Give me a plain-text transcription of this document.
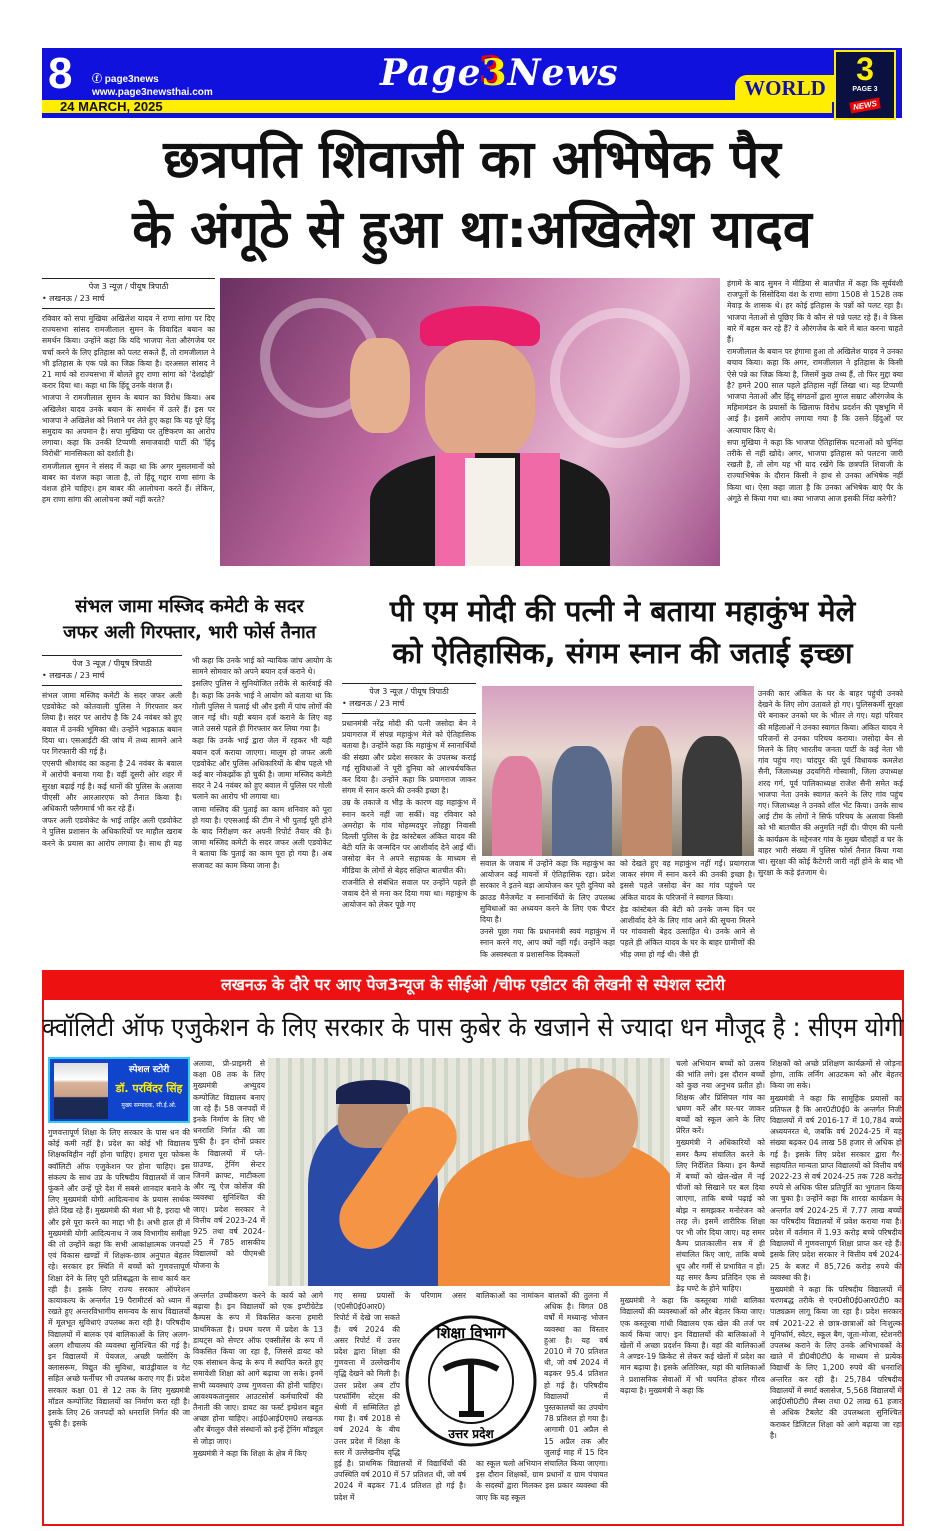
8 ⓕ page3news
www.page3newsthai.com
24 MARCH, 2025
Page3News	WORLD
3
PAGE 3
NEWS
छत्रपति शिवाजी का अभिषेक पैर
के अंगूठे से हुआ था:अखिलेश यादव
पेज 3 न्यूज़ / पीयूष त्रिपाठी
• लखनऊ / 23 मार्च

रविवार को सपा मुखिया अखिलेश यादव ने राणा सांगा पर दिए राज्यसभा सांसद रामजीलाल सुमन के विवादित बयान का समर्थन किया। उन्होंने कहा कि यदि भाजपा नेता औरंगजेब पर चर्चा करने के लिए इतिहास को पलट सकते हैं, तो रामजीलाल ने भी इतिहास के एक पन्ने का जिक्र किया है। दरअसल सांसद ने 21 मार्च को राज्यसभा में बोलते हुए राणा सांगा को 'देशद्रोही' करार दिया था। कहा था कि हिंदू उनके वंशज हैं।

भाजपा ने रामजीलाल सुमन के बयान का विरोध किया। अब अखिलेश यादव उनके बयान के समर्थन में उतरे हैं। इस पर भाजपा ने अखिलेश को निशाने पर लेते हुए कहा कि यह पूरे हिंदू समुदाय का अपमान है। सपा मुखिया पर तुष्टिकरण का आरोप लगाया। कहा कि उनकी टिप्पणी समाजवादी पार्टी की 'हिंदू विरोधी' मानसिकता को दर्शाती है।

रामजीलाल सुमन ने संसद में कहा था कि अगर मुसलमानों को बाबर का वंशज कहा जाता है, तो हिंदू गद्दार राणा सांगा के वंशज होने चाहिए। हम बाबर की आलोचना करते हैं। लेकिन, हम राणा सांगा की आलोचना क्यों नहीं करते?

हंगामे के बाद सुमन ने मीडिया से बातचीत में कहा कि सूर्यवंशी राजपूतों के सिसोदिया वंश के राणा सांगा 1508 से 1528 तक मेवाड़ के शासक थे। हर कोई इतिहास के पन्नों को पलट रहा है। भाजपा नेताओं से पूछिए कि वे कौन से पन्ने पलट रहे हैं। वे किस बारे में बहस कर रहे हैं? वे औरंगजेब के बारे में बात करना चाहते हैं।

रामजीलाल के बयान पर हंगामा हुआ तो अखिलेश यादव ने उनका बचाव किया। कहा कि अगर, रामजीलाल ने इतिहास के किसी ऐसे पन्ने का जिक्र किया है, जिसमें कुछ तथ्य हैं, तो फिर मुद्दा क्या है? हमने 200 साल पहले इतिहास नहीं लिखा था। यह टिप्पणी भाजपा नेताओं और हिंदू संगठनों द्वारा मुगल सम्राट औरंगजेब के महिमामंडन के प्रयासों के खिलाफ विरोध प्रदर्शन की पृष्ठभूमि में आई है। इसमें आरोप लगाया गया है कि उसने हिंदुओं पर अत्याचार किए थे।

सपा मुखिया ने कहा कि भाजपा ऐतिहासिक घटनाओं को चुनिंदा तरीके से नहीं खोदे। अगर, भाजपा इतिहास को पलटना जारी रखती है, तो लोग यह भी याद रखेंगे कि छत्रपति शिवाजी के राज्याभिषेक के दौरान किसी ने हाथ से उनका अभिषेक नहीं किया था। ऐसा कहा जाता है कि उनका अभिषेक बाएं पैर के अंगूठे से किया गया था। क्या भाजपा आज इसकी निंदा करेगी?

संभल जामा मस्जिद कमेटी के सदर
जफर अली गिरफ्तार, भारी फोर्स तैनात
पेज 3 न्यूज़ / पीयूष त्रिपाठी
• लखनऊ / 23 मार्च

संभल जामा मस्जिद कमेटी के सदर जफर अली एडवोकेट को कोतवाली पुलिस ने गिरफ्तार कर लिया है। सदर पर आरोप है कि 24 नवंबर को हुए बवाल में उनकी भूमिका थी। उन्होंने भड़काऊ बयान दिया था। एसआईटी की जांच में तथ्य सामने आने पर गिरफ्तारी की गई है।

एएसपी श्रीशचंद का कहना है 24 नवंबर के बवाल में आरोपी बनाया गया है। वहीं दूसरी ओर शहर में सुरक्षा बढ़ाई गई है। कई थानों की पुलिस के अलावा पीएसी और आरआरएफ को तैनात किया है। अधिकारी फ्लैगमार्च भी कर रहे हैं।

जफर अली एडवोकेट के भाई ताहिर अली एडवोकेट ने पुलिस प्रशासन के अधिकारियों पर माहौल खराब करने के प्रयास का आरोप लगाया है। साथ ही यह भी कहा कि उनके भाई को न्यायिक जांच आयोग के सामने सोमवार को अपने बयान दर्ज कराने थे।

इसलिए पुलिस ने सुनियोजित तरीके से कार्रवाई की है। कहा कि उनके भाई ने आयोग को बताया था कि गोली पुलिस ने चलाई थी और इसी में पांच लोगों की जान गई थी। यही बयान दर्ज कराने के लिए वह जाते उससे पहले ही गिरफ्तार कर लिया गया है।

कहा कि उनके भाई द्वारा जेल में रहकर भी यही बयान दर्ज कराया जाएगा। मालूम हो जफर अली एडवोकेट और पुलिस अधिकारियों के बीच पहले भी कई बार नोकझोंक हो चुकी है। जामा मस्जिद कमेटी सदर ने 24 नवंबर को हुए बवाल में पुलिस पर गोली चलाने का आरोप भी लगाया था।

जामा मस्जिद की पुताई का काम शनिवार को पूरा हो गया है। एएसआई की टीम ने भी पुताई पूरी होने के बाद निरीक्षण कर अपनी रिपोर्ट तैयार की है। जामा मस्जिद कमेटी के सदर जफर अली एडवोकेट ने बताया कि पुताई का काम पूरा हो गया है। अब सजावट का काम किया जाना है।

पी एम मोदी की पत्नी ने बताया महाकुंभ मेले
को ऐतिहासिक, संगम स्नान की जताई इच्छा
पेज 3 न्यूज़ / पीयूष त्रिपाठी
• लखनऊ / 23 मार्च

प्रधानमंत्री नरेंद्र मोदी की पत्नी जसोदा बेन ने प्रयागराज में संपन्न महाकुंभ मेले को ऐतिहासिक बताया है। उन्होंने कहा कि महाकुंभ में स्नानार्थियों की संख्या और प्रदेश सरकार के उपलब्ध कराई गई सुविधाओं ने पूरी दुनिया को आश्चर्यचकित कर दिया है। उन्होंने कहा कि प्रयागराज जाकर संगम में स्नान करने की उनकी इच्छा है।

उम्र के तकाजे व भीड़ के कारण वह महाकुंभ में स्नान करने नहीं जा सकीं। वह रविवार को अमरोहा के गांव मोहम्मदपुर लोहड्डा निवासी दिल्ली पुलिस के हेड कांस्टेबल अंकित यादव की बेटी यति के जन्मदिन पर आशीर्वाद देने आई थीं। जसोदा बेन ने अपने सहायक के माध्यम से मीडिया के लोगों से बेहद संक्षिप्त बातचीत की।

राजनीति से संबंधित सवाल पर उन्होंने पहले ही जवाब देने से मना कर दिया गया था। महाकुंभ के आयोजन को लेकर पूछे गए

सवाल के जवाब में उन्होंने कहा कि महाकुंभ का आयोजन कई मायनों में ऐतिहासिक रहा। प्रदेश सरकार ने इतने बड़ा आयोजन कर पूरी दुनिया को क्राउड मैनेजमेंट व स्नानार्थियों के लिए उपलब्ध सुविधाओं का अध्ययन करने के लिए एक चैप्टर दिया है।

उनसे पूछा गया कि प्रधानमंत्री स्वयं महाकुंभ में स्नान करने गए, आप क्यों नहीं गईं। उन्होंने कहा कि अस्वस्थता व प्रशासनिक दिक्कतों

को देखते हुए वह महाकुंभ नहीं गईं। प्रयागराज जाकर संगम में स्नान करने की उनकी इच्छा है। इससे पहले जसोदा बेन का गांव पहुंचने पर अंकित यादव के परिजनों ने स्वागत किया।

हेड कांस्टेबल की बेटी को उनके जन्म दिन पर आशीर्वाद देने के लिए गांव आने की सूचना मिलने पर गांववासी बेहद उत्साहित थे। उनके आने से पहले ही अंकित यादव के घर के बाहर ग्रामीणों की भीड़ जमा हो गई थी। जैसे ही

उनकी कार अंकित के घर के बाहर पहुंची उनको देखने के लिए लोग उतावले हो गए। पुलिसकर्मी सुरक्षा घेरे बनाकर उनको घर के भीतर ले गए। यहां परिवार की महिलाओं ने उनका स्वागत किया। अंकित यादव ने परिजनों से उनका परिचय कराया। जसोदा बेन से मिलने के लिए भारतीय जनता पार्टी के कई नेता भी गांव पहुंच गए। चांदपुर की पूर्व विधायक कमलेश सैनी, जिलाध्यक्ष उदयगिरी गोस्वामी, जिला उपाध्यक्ष शरद गर्ग, पूर्व पालिकाध्यक्ष राजेश सैनी समेत कई भाजपा नेता उनके स्वागत करने के लिए गांव पहुंच गए। जिलाध्यक्ष ने उनको शॉल भेंट किया। उनके साथ आई टीम के लोगों ने सिर्फ परिचय के अलावा किसी को भी बातचीत की अनुमति नहीं दी। पीएम की पत्नी के कार्यक्रम के मद्देनजर गांव के मुख्य चौराहों व घर के बाहर भारी संख्या में पुलिस फोर्स तैनात किया गया था। सुरक्षा की कोई कैटेगरी जारी नहीं होने के बाद भी सुरक्षा के कड़े इंतजाम थे।

लखनऊ के दौरे पर आए पेज3न्यूज के सीईओ /चीफ एडीटर की लेखनी से स्पेशल स्टोरी
क्वॉलिटी ऑफ एजुकेशन के लिए सरकार के पास कुबेर के खजाने से ज्यादा धन मौजूद है : सीएम योगी
स्पेशल स्टोरी
डॉ. परविंदर सिंह
मुख्य सम्पादक, सी.ई.ओ.

गुणवत्तापूर्ण शिक्षा के लिए सरकार के पास धन की कोई कमी नहीं है। प्रदेश का कोई भी विद्यालय शिक्षकविहीन नहीं होना चाहिए। हमारा पूरा फोकस क्वॉलिटी ऑफ एजुकेशन पर होना चाहिए। इस संकल्प के साथ उप्र के परिषदीय विद्यालयों में जान फूंकने और उन्हें पूरे देश में सबसे शानदार बनाने के लिए मुख्यमंत्री योगी आदित्यनाथ के प्रयास सार्थक होते दिख रहे हैं। मुख्यमंत्री की मंशा भी है, इरादा भी और इसे पूरा करने का माद्दा भी है। अभी हाल ही में मुख्यमंत्री योगी आदित्यनाथ ने जब विभागीय समीक्षा की तो उन्होंने कहा कि सभी आकांक्षात्मक जनपदों एवं विकास खण्डों में शिक्षक-छात्र अनुपात बेहतर रहे। सरकार हर स्थिति में बच्चों को गुणवत्तापूर्ण शिक्षा देने के लिए पूरी प्रतिबद्धता के साथ कार्य कर रही है। इसके लिए राज्य सरकार ऑपरेशन कायाकल्प के अन्तर्गत 19 पैरामीटर्स को ध्यान में रखते हुए अन्तरविभागीय समन्वय के साथ विद्यालयों में मूलभूत सुविधाएं उपलब्ध करा रही है। परिषदीय विद्यालयों में बालक एवं बालिकाओं के लिए अलग-अलग शौचालय की व्यवस्था सुनिश्चित की गई है। इन विद्यालयों में पेयजल, अच्छी फ्लोरिंग के क्लासरूम, विद्युत की सुविधा, बाउंड्रीवाल व गेट सहित अच्छे फर्नीचर भी उपलब्ध कराए गए हैं। प्रदेश सरकार कक्षा 01 से 12 तक के लिए मुख्यमंत्री मॉडल कम्पोजिट विद्यालयों का निर्माण करा रही है। इसके लिए 26 जनपदों को धनराशि निर्गत की जा चुकी है। इसके

अलावा, प्री-प्राइमरी से कक्षा 08 तक के लिए मुख्यमंत्री अभ्युदय कम्पोजिट विद्यालय बनाए जा रहे हैं। 58 जनपदों में इनके निर्माण के लिए भी धनराशि निर्गत की जा चुकी है। इन दोनों प्रकार के विद्यालयों में प्ले-ग्राउण्ड, ट्रेनिंग सेन्टर जिनमें क्राफ्ट, माटीकला और न्यू ऐज कोर्सेज की व्यवस्था सुनिश्चित की जाए। प्रदेश सरकार ने वित्तीय वर्ष 2023-24 में 925 तथा वर्ष 2024-25 में 785 शासकीय विद्यालयों को पीएमश्री योजना के

अन्तर्गत उच्चीकरण करने के कार्य को आगे बढ़ाया है। इन विद्यालयों को एक इण्टीग्रेटेड कैम्पस के रूप में विकसित करना हमारी प्राथमिकता है। प्रथम चरण में प्रदेश के 13 डायट्स को सेण्टर ऑफ एक्सीलेंस के रूप में विकसित किया जा रहा है, जिससे डायट को एक संसाधन केन्द्र के रूप में स्थापित करते हुए समावेशी शिक्षा को आगे बढ़ाया जा सके। इनमें सभी व्यवस्थाएं उच्च गुणवत्ता की होनी चाहिए। आवश्यकतानुसार आउटसोर्स कर्मचारियों की तैनाती की जाए। डायट का फर्स्ट इम्प्रेशन बहुत अच्छा होना चाहिए। आई0आई0एम0 लखनऊ और बेंगलुरु जैसे संस्थानों को इन्हें ट्रेनिंग मॉड्यूल से जोड़ा जाए।

मुख्यमंत्री ने कहा कि शिक्षा के क्षेत्र में किए

शिक्षा विभाग
उत्तर प्रदेश

गए समग्र प्रयासों के परिणाम असर (ए0सी0ई0आर0) रिपोर्ट में देखे जा सकते हैं। वर्ष 2024 की असर रिपोर्ट में उत्तर प्रदेश द्वारा शिक्षा की गुणवत्ता में उल्लेखनीय वृद्धि देखने को मिली है। उत्तर प्रदेश अब टॉप परफॉर्मिंग स्टेट्स की श्रेणी में सम्मिलित हो गया है। वर्ष 2018 से वर्ष 2024 के बीच उत्तर प्रदेश में शिक्षा के स्तर में उल्लेखनीय वृद्धि हुई है। प्राथमिक विद्यालयों में विद्यार्थियों की उपस्थिति वर्ष 2010 में 57 प्रतिशत थी, जो वर्ष 2024 में बढ़कर 71.4 प्रतिशत हो गई है। प्रदेश में

बालिकाओं का नामांकन बालकों की तुलना में अधिक है। विगत 08 वर्षों में मध्यान्ह भोजन व्यवस्था का विस्तार हुआ है। यह वर्ष 2010 में 70 प्रतिशत थी, जो वर्ष 2024 में बढ़कर 95.4 प्रतिशत हो गई है। परिषदीय विद्यालयों में पुस्तकालयों का उपयोग 78 प्रतिशत हो गया है। आगामी 01 अप्रैल से 15 अप्रैल तक और जुलाई माह में 15 दिन का स्कूल चलो अभियान संचालित किया जाएगा। इस दौरान शिक्षकों, ग्राम प्रधानों व ग्राम पंचायत के सदस्यों द्वारा मिलकर इस प्रकार व्यवस्था की जाए कि यह स्कूल

चलो अभियान बच्चों को उत्सव की भांति लगे। इस दौरान बच्चों को कुछ नया अनुभव प्रतीत हो। शिक्षक और प्रिंसिपल गांव का भ्रमण करें और घर-घर जाकर बच्चों को स्कूल आने के लिए प्रेरित करें।

मुख्यमंत्री ने अधिकारियों को समर कैम्प संचालित करने के लिए निर्देशित किया। इन कैम्पों में बच्चों को खेल-खेल में नई चीजों को सिखाने पर बल दिया जाएगा, ताकि बच्चे पढ़ाई को बोझ न समझकर मनोरंजन को तरह लें। इसमें शारीरिक शिक्षा पर भी जोर दिया जाए। यह समर कैम्प प्रातःकालीन सत्र में ही संचालित किए जाएं, ताकि बच्चे धूप और गर्मी से प्रभावित न हों। यह समर कैम्प प्रतिदिन एक से डेढ़ घण्टे के होने चाहिए।

मुख्यमंत्री ने कहा कि कस्तूरबा गांधी बालिका विद्यालयों की व्यवस्थाओं को और बेहतर किया जाए। एक कस्तूरबा गांधी विद्यालय एक खेल की तर्ज पर कार्य किया जाए। इन विद्यालयों की बालिकाओं ने खेलों में अच्छा प्रदर्शन किया है। वहां की बालिकाओं ने अण्डर-19 क्रिकेट से लेकर कई खेलों में प्रदेश का मान बढ़ाया है। इसके अतिरिक्त, यहां की बालिकाओं ने प्रशासनिक सेवाओं में भी चयनित होकर गौरव बढ़ाया है। मुख्यमंत्री ने कहा कि

शिक्षकों को अच्छे प्रशिक्षण कार्यक्रमों से जोड़ना होगा, ताकि लर्निंग आउटकम को और बेहतर किया जा सके।

मुख्यमंत्री ने कहा कि सामूहिक प्रयासों का प्रतिफल है कि आर0टी0ई0 के अन्तर्गत निजी विद्यालयों में वर्ष 2016-17 में 10,784 बच्चे अध्ययनरत थे, जबकि वर्ष 2024-25 में यह संख्या बढ़कर 04 लाख 58 हजार से अधिक हो गई है। इसके लिए प्रदेश सरकार द्वारा गैर-सहायतित मान्यता प्राप्त विद्यालयों को वित्तीय वर्ष 2022-23 से वर्ष 2024-25 तक 728 करोड़ रुपये से अधिक फीस प्रतिपूर्ति का भुगतान किया जा चुका है। उन्होंने कहा कि शारदा कार्यक्रम के अन्तर्गत वर्ष 2024-25 में 7.77 लाख बच्चों का परिषदीय विद्यालयों में प्रवेश कराया गया है। प्रदेश में वर्तमान में 1.93 करोड़ बच्चे परिषदीय विद्यालयों में गुणवत्तापूर्ण शिक्षा प्राप्त कर रहे हैं। इसके लिए प्रदेश सरकार ने वित्तीय वर्ष 2024-25 के बजट में 85,726 करोड़ रुपये की व्यवस्था की है।

मुख्यमंत्री ने कहा कि परिषदीय विद्यालयों में चरणबद्ध तरीके से एन0सी0ई0आर0टी0 का पाठ्यक्रम लागू किया जा रहा है। प्रदेश सरकार वर्ष 2021-22 से छात्र-छात्राओं को निःशुल्क यूनिफॉर्म, स्वेटर, स्कूल बैग, जूता-मोजा, स्टेशनरी उपलब्ध कराने के लिए उनके अभिभावकों के खाते में डी0बी0टी0 के माध्यम से प्रत्येक विद्यार्थी के लिए 1,200 रुपये की धनराशि अन्तरित कर रही है। 25,784 परिषदीय विद्यालयों में स्मार्ट क्लासेज, 5,568 विद्यालयों में आई0सी0टी0 लैब्स तथा 02 लाख 61 हजार से अधिक टैबलेट की उपलब्धता सुनिश्चित कराकर डिजिटल शिक्षा को आगे बढ़ाया जा रहा है।
